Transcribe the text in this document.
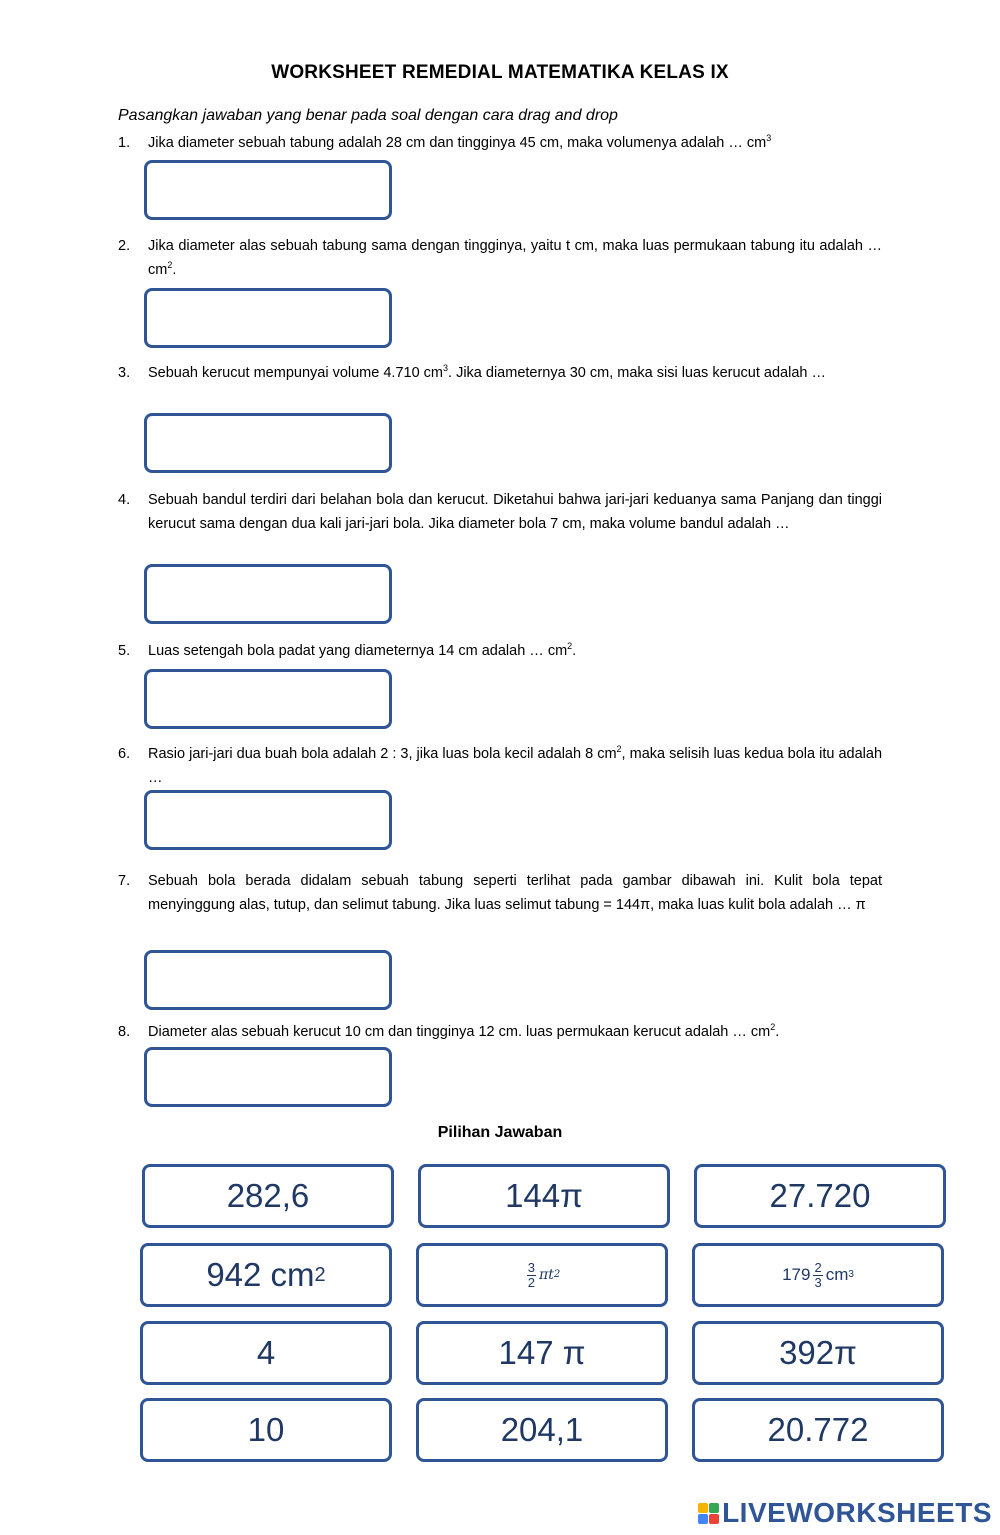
WORKSHEET REMEDIAL MATEMATIKA KELAS IX
Pasangkan jawaban yang benar pada soal dengan cara drag and drop
1.	Jika diameter sebuah tabung adalah 28 cm dan tingginya 45 cm, maka volumenya adalah … $cm^3$
2.	Jika diameter alas sebuah tabung sama dengan tingginya, yaitu t cm, maka luas permukaan tabung itu adalah … $cm^2$.
3.	Sebuah kerucut mempunyai volume 4.710 $cm^3$. Jika diameternya 30 cm, maka sisi luas kerucut adalah …
4.	Sebuah bandul terdiri dari belahan bola dan kerucut. Diketahui bahwa jari-jari keduanya sama Panjang dan tinggi kerucut sama dengan dua kali jari-jari bola. Jika diameter bola 7 cm, maka volume bandul adalah …
5.	Luas setengah bola padat yang diameternya 14 cm adalah … $cm^2$.
6.	Rasio jari-jari dua buah bola adalah 2 : 3, jika luas bola kecil adalah 8 $cm^2$, maka selisih luas kedua bola itu adalah …
7.	Sebuah bola berada didalam sebuah tabung seperti terlihat pada gambar dibawah ini. Kulit bola tepat menyinggung alas, tutup, dan selimut tabung. Jika luas selimut tabung = 144π, maka luas kulit bola adalah … π
8.	Diameter alas sebuah kerucut 10 cm dan tingginya 12 cm. luas permukaan kerucut adalah … $cm^2$.
Pilihan Jawaban
282,6	144π	27.720
942 cm 2	$\frac{3}{2}$ πt 2	$179 \frac{2}{3}$ cm 3
4	147 π	392π
10	204,1	20.772
LIVEWORKSHEETS
